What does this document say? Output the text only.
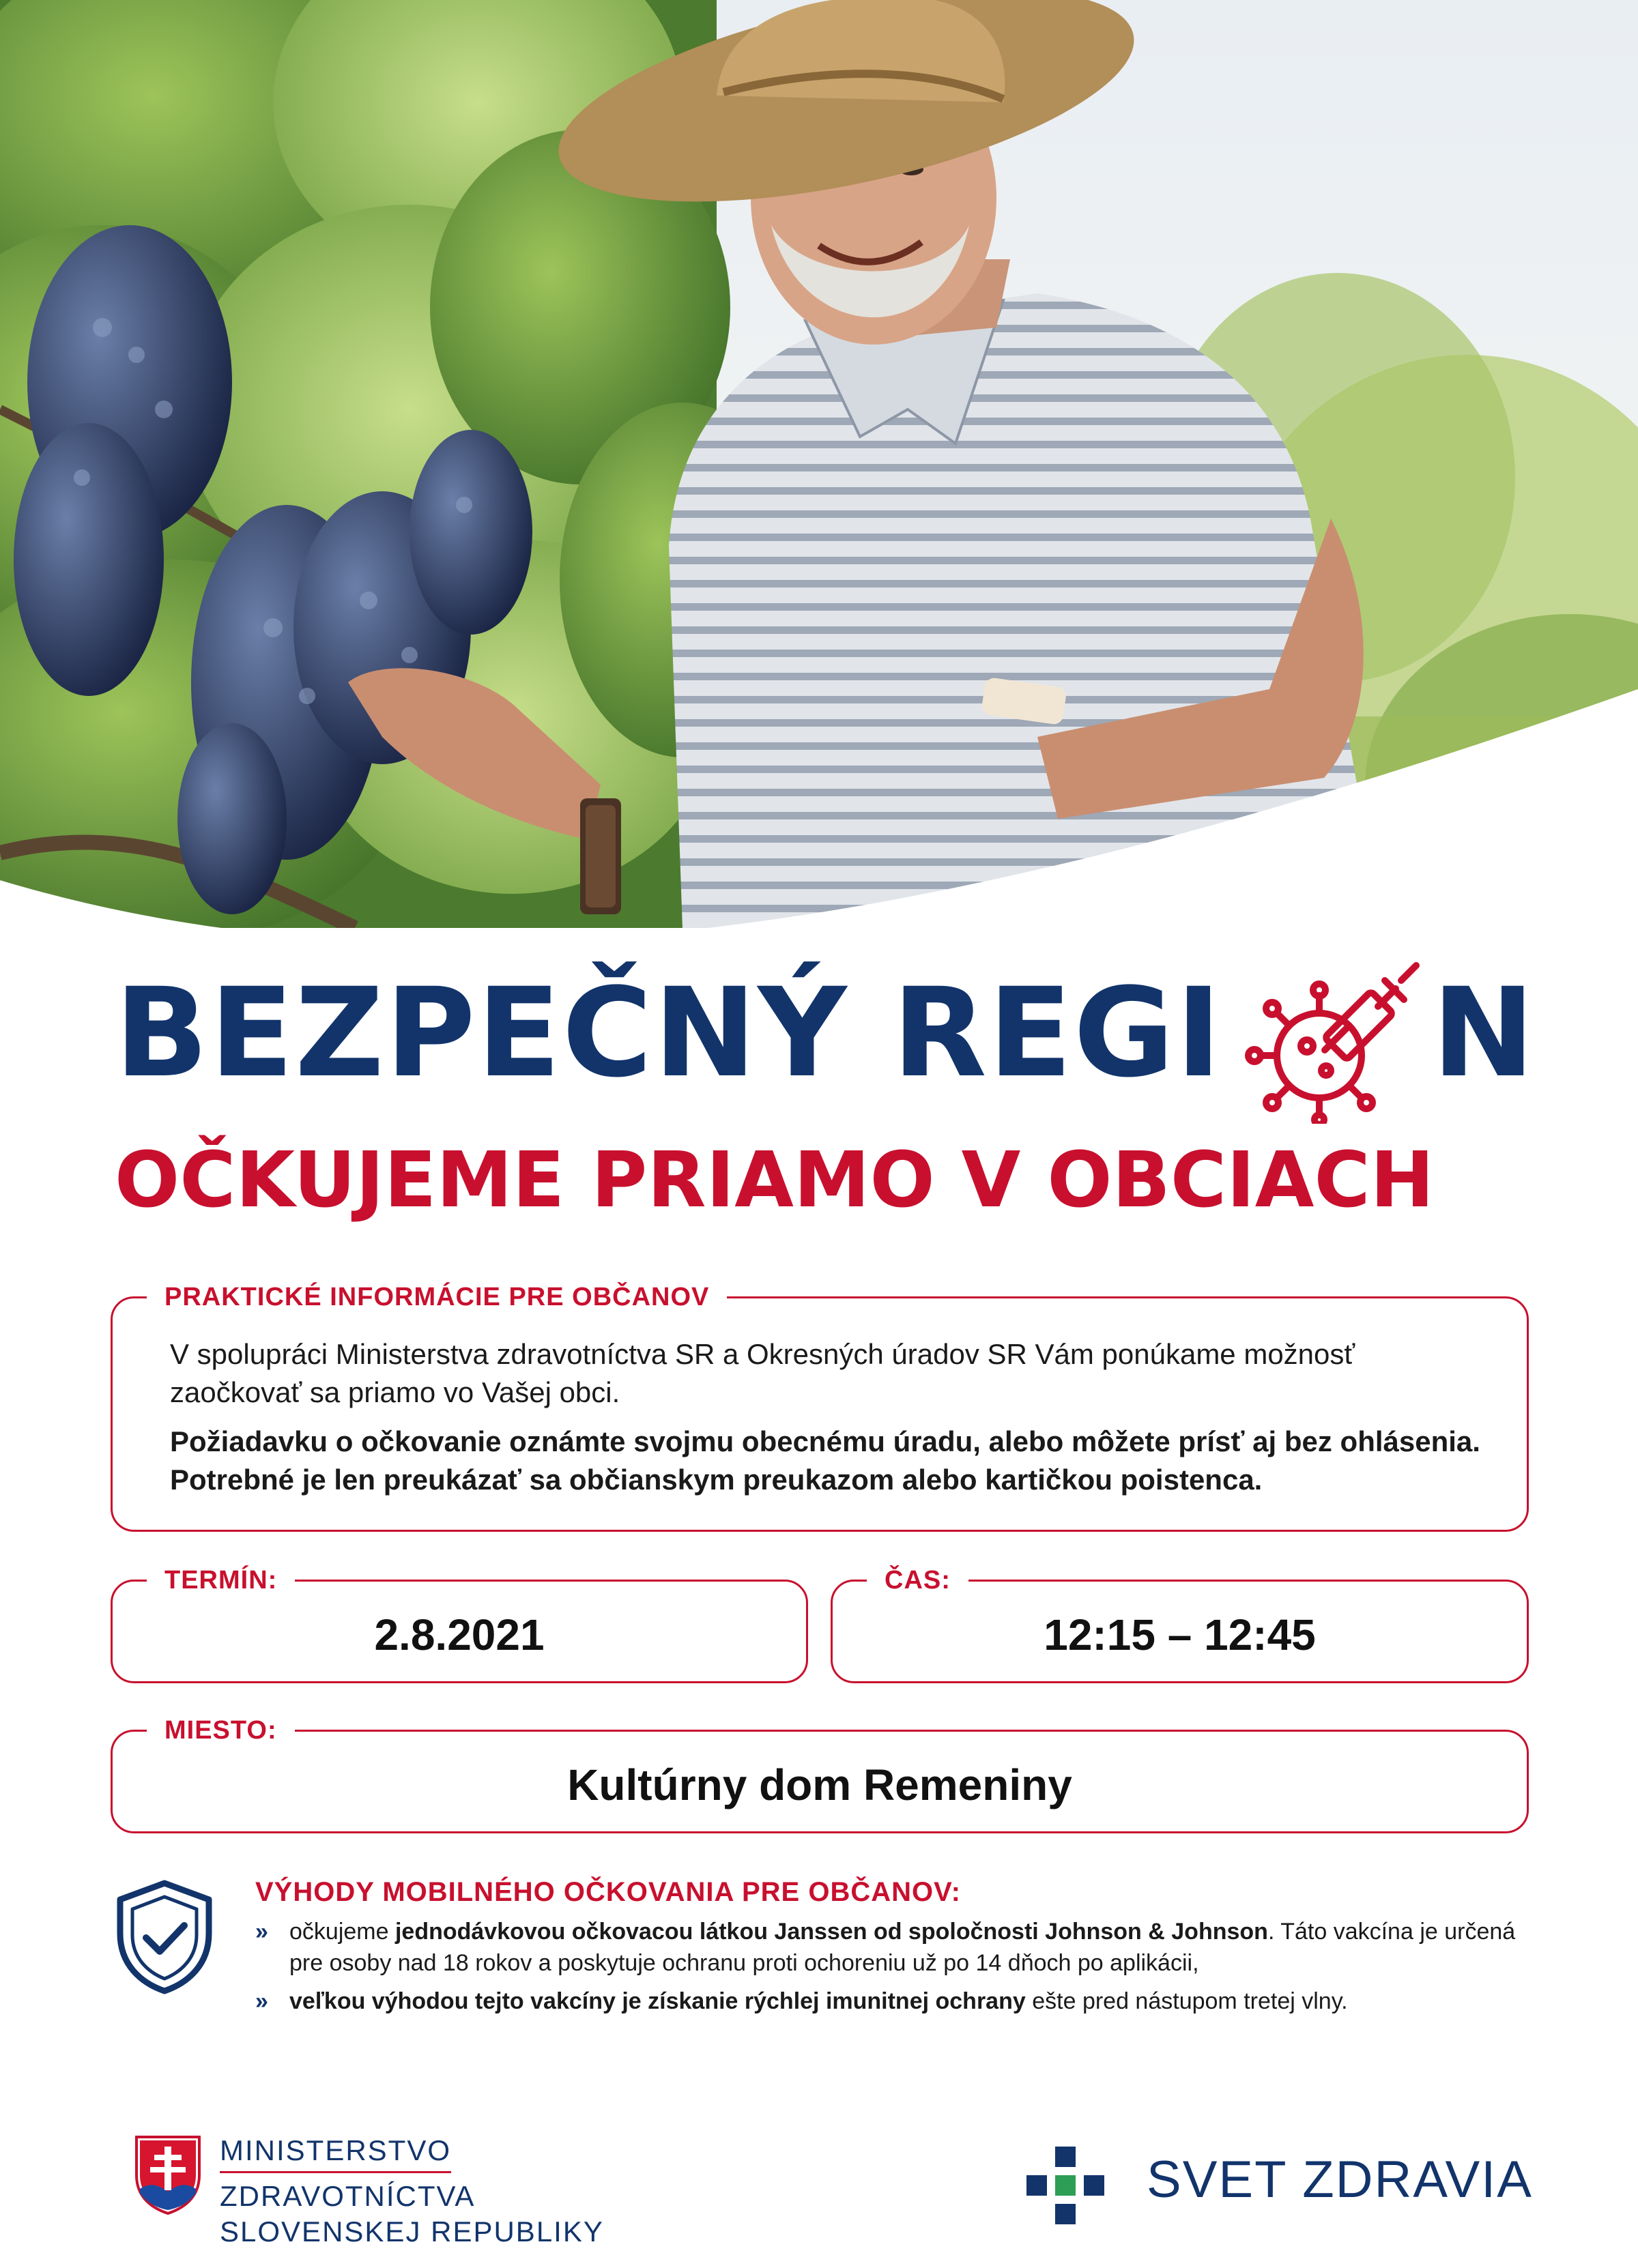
BEZPEČNÝ REGI N
OČKUJEME PRIAMO V OBCIACH
PRAKTICKÉ INFORMÁCIE PRE OBČANOV

V spolupráci Ministerstva zdravotníctva SR a Okresných úradov SR Vám ponúkame možnosť zaočkovať sa priamo vo Vašej obci.

Požiadavku o očkovanie oznámte svojmu obecnému úradu, alebo môžete prísť aj bez ohlásenia. Potrebné je len preukázať sa občianskym preukazom alebo kartičkou poistenca.

TERMÍN:
2.8.2021
ČAS:
12:15 – 12:45
MIESTO:
Kultúrny dom Remeniny
VÝHODY MOBILNÉHO OČKOVANIA PRE OBČANOV:
» očkujeme jednodávkovou očkovacou látkou Janssen od spoločnosti Johnson & Johnson. Táto vakcína je určená pre osoby nad 18 rokov a poskytuje ochranu proti ochoreniu už po 14 dňoch po aplikácii,
» veľkou výhodou tejto vakcíny je získanie rýchlej imunitnej ochrany ešte pred nástupom tretej vlny.
MINISTERSTVO
ZDRAVOTNÍCTVA
SLOVENSKEJ REPUBLIKY
SVET ZDRAVIA
